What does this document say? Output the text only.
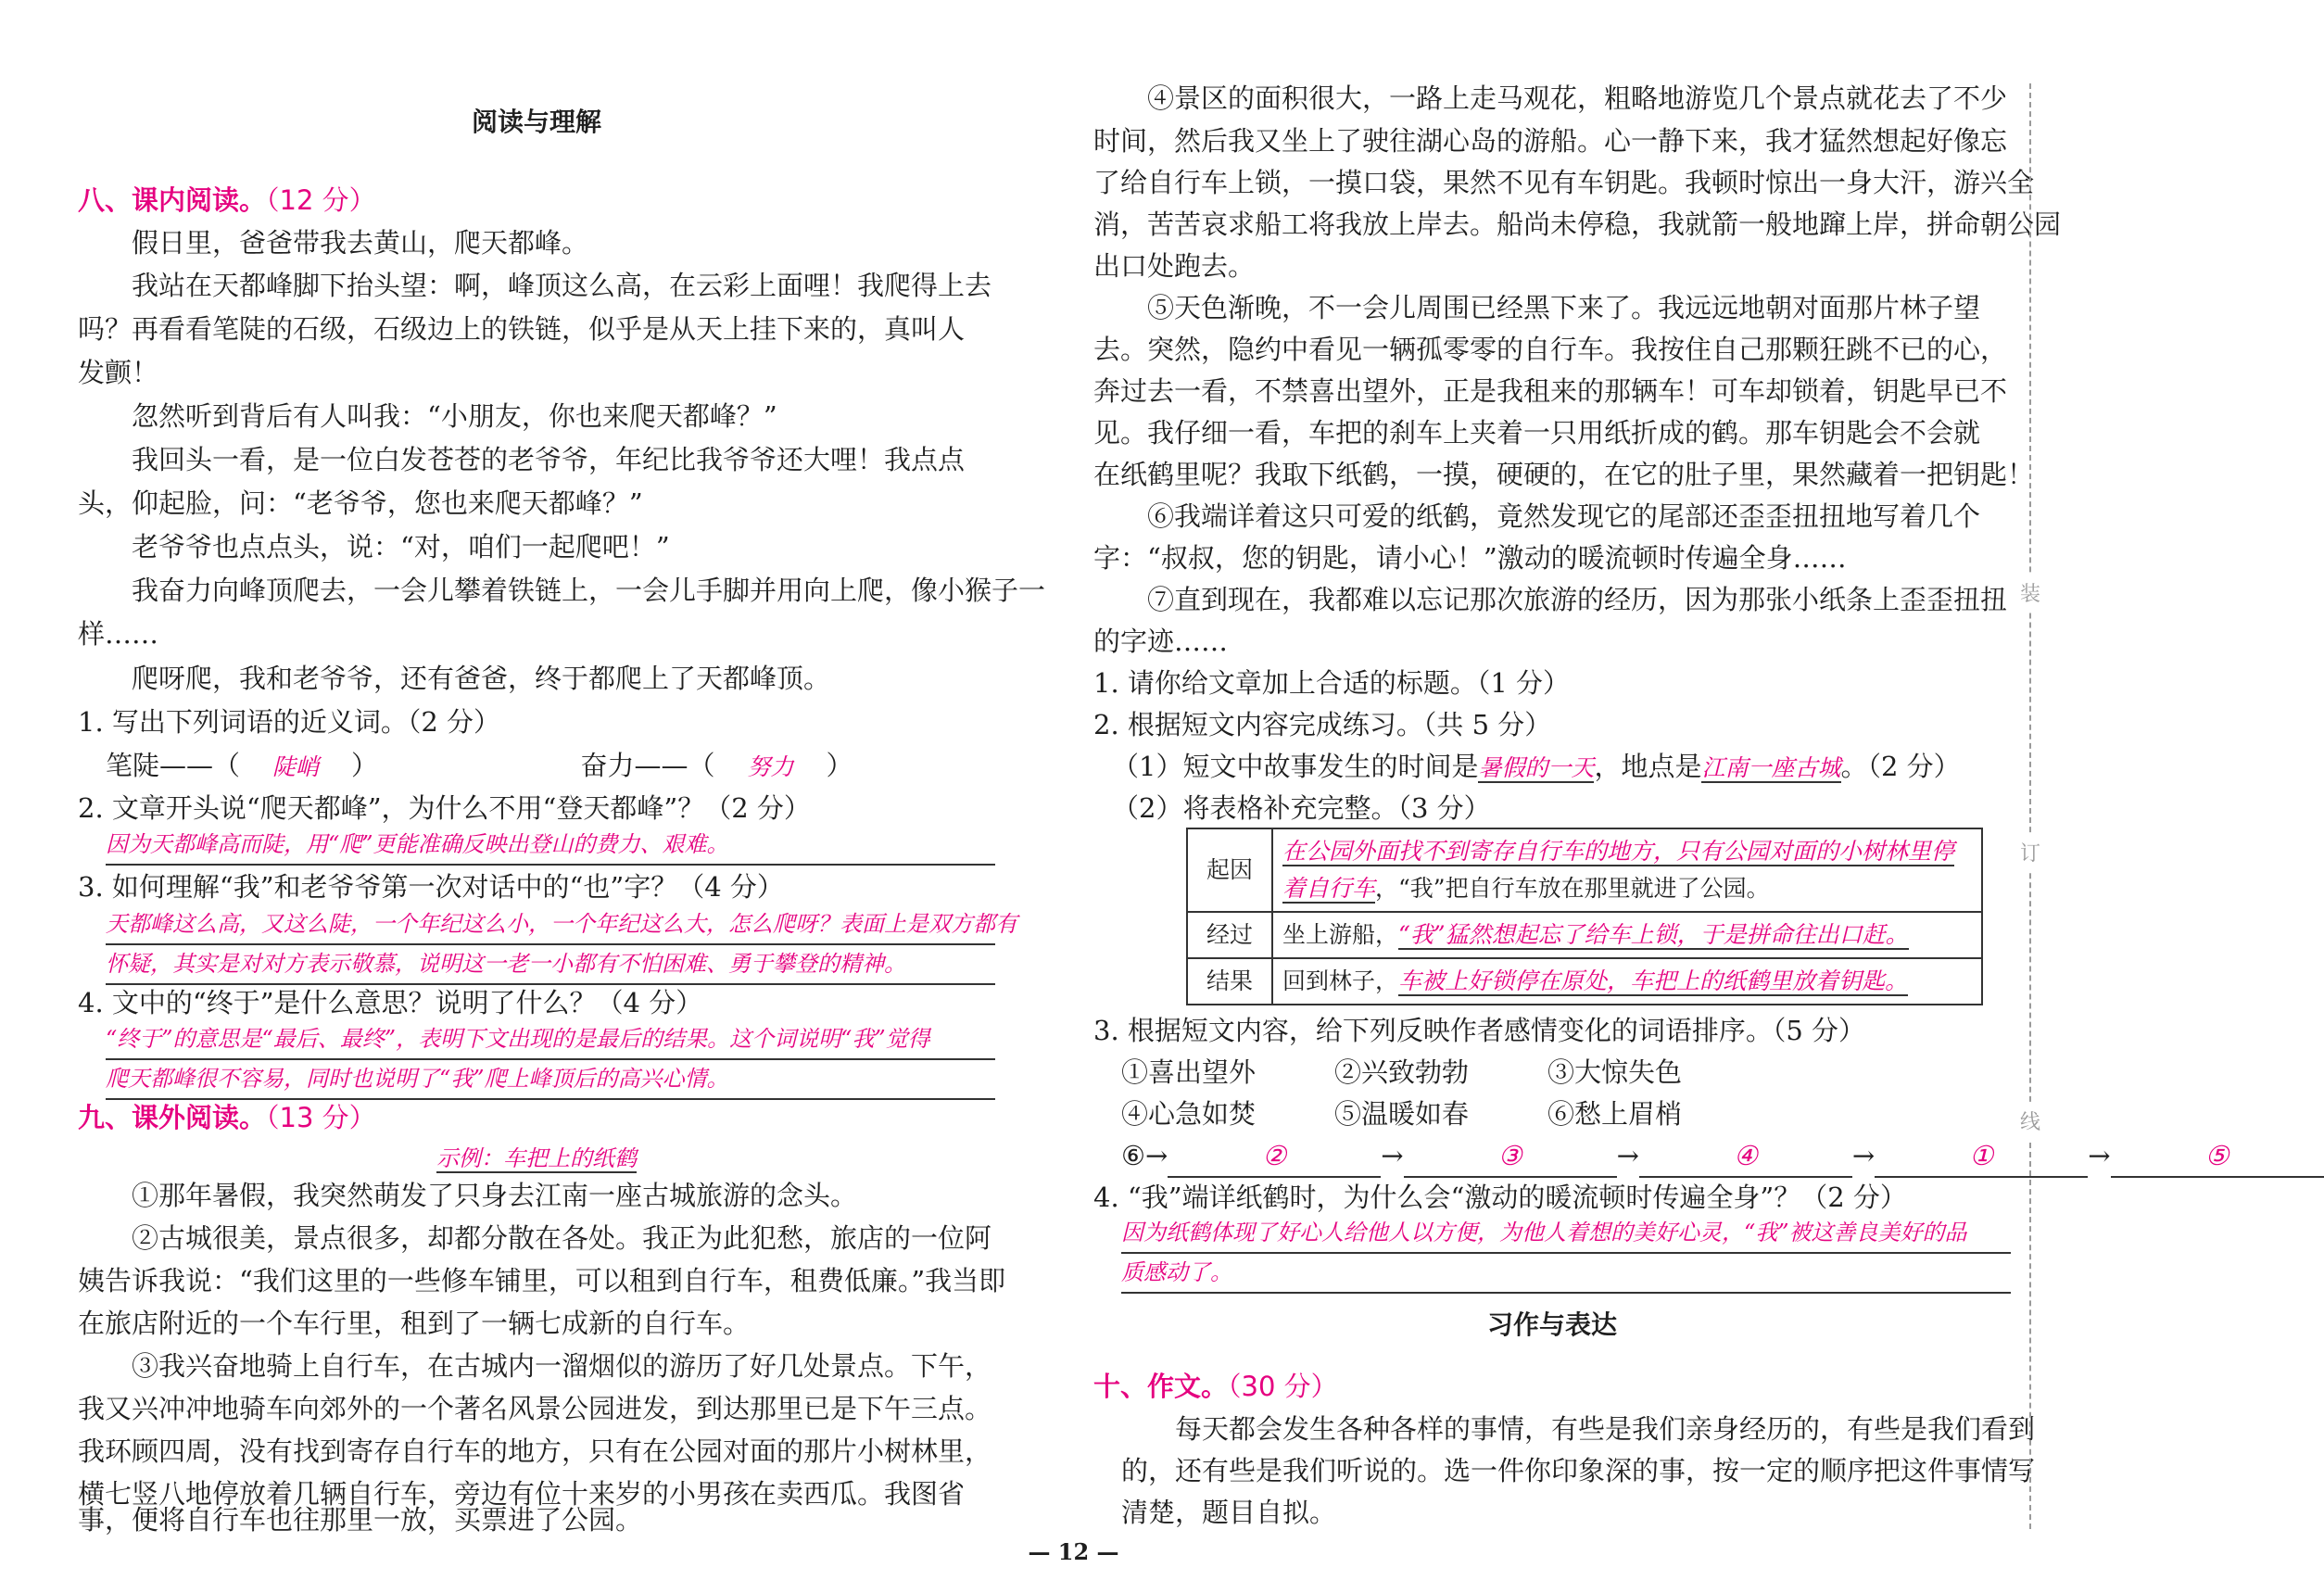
阅读与理解
八、课内阅读。（12 分）
假日里，爸爸带我去黄山，爬天都峰。
我站在天都峰脚下抬头望：啊，峰顶这么高，在云彩上面哩！我爬得上去
吗？再看看笔陡的石级，石级边上的铁链，似乎是从天上挂下来的，真叫人
发颤！
忽然听到背后有人叫我：“小朋友，你也来爬天都峰？”
我回头一看，是一位白发苍苍的老爷爷，年纪比我爷爷还大哩！我点点
头，仰起脸，问：“老爷爷，您也来爬天都峰？”
老爷爷也点点头，说：“对，咱们一起爬吧！”
我奋力向峰顶爬去，一会儿攀着铁链上，一会儿手脚并用向上爬，像小猴子一
样……
爬呀爬，我和老爷爷，还有爸爸，终于都爬上了天都峰顶。
1. 写出下列词语的近义词。（2 分）
笔陡——（ 陡峭 ）	奋力——（ 努力 ）
2. 文章开头说“爬天都峰”，为什么不用“登天都峰”？（2 分）
因为天都峰高而陡，用“爬”更能准确反映出登山的费力、艰难。
3. 如何理解“我”和老爷爷第一次对话中的“也”字？（4 分）
天都峰这么高，又这么陡，一个年纪这么小，一个年纪这么大，怎么爬呀？表面上是双方都有
怀疑，其实是对对方表示敬慕，说明这一老一小都有不怕困难、勇于攀登的精神。
4. 文中的“终于”是什么意思？说明了什么？（4 分）
“终于”的意思是“最后、最终”，表明下文出现的是最后的结果。这个词说明“我”觉得
爬天都峰很不容易，同时也说明了“我”爬上峰顶后的高兴心情。
九、课外阅读。（13 分）
示例：车把上的纸鹤
①那年暑假，我突然萌发了只身去江南一座古城旅游的念头。
②古城很美，景点很多，却都分散在各处。我正为此犯愁，旅店的一位阿
姨告诉我说：“我们这里的一些修车铺里，可以租到自行车，租费低廉。”我当即
在旅店附近的一个车行里，租到了一辆七成新的自行车。
③我兴奋地骑上自行车，在古城内一溜烟似的游历了好几处景点。下午，
我又兴冲冲地骑车向郊外的一个著名风景公园进发，到达那里已是下午三点。
我环顾四周，没有找到寄存自行车的地方，只有在公园对面的那片小树林里，
横七竖八地停放着几辆自行车，旁边有位十来岁的小男孩在卖西瓜。我图省
事，便将自行车也往那里一放，买票进了公园。
④景区的面积很大，一路上走马观花，粗略地游览几个景点就花去了不少
时间，然后我又坐上了驶往湖心岛的游船。心一静下来，我才猛然想起好像忘
了给自行车上锁，一摸口袋，果然不见有车钥匙。我顿时惊出一身大汗，游兴全
消，苦苦哀求船工将我放上岸去。船尚未停稳，我就箭一般地蹿上岸，拼命朝公园
出口处跑去。
⑤天色渐晚，不一会儿周围已经黑下来了。我远远地朝对面那片林子望
去。突然，隐约中看见一辆孤零零的自行车。我按住自己那颗狂跳不已的心，
奔过去一看，不禁喜出望外，正是我租来的那辆车！可车却锁着，钥匙早已不
见。我仔细一看，车把的刹车上夹着一只用纸折成的鹤。那车钥匙会不会就
在纸鹤里呢？我取下纸鹤，一摸，硬硬的，在它的肚子里，果然藏着一把钥匙！
⑥我端详着这只可爱的纸鹤，竟然发现它的尾部还歪歪扭扭地写着几个
字：“叔叔，您的钥匙，请小心！”激动的暖流顿时传遍全身……
⑦直到现在，我都难以忘记那次旅游的经历，因为那张小纸条上歪歪扭扭
的字迹……
1. 请你给文章加上合适的标题。（1 分）
2. 根据短文内容完成练习。（共 5 分）
（1）短文中故事发生的时间是暑假的一天，地点是江南一座古城。（2 分）
（2）将表格补充完整。（3 分）
起因	在公园外面找不到寄存自行车的地方，只有公园对面的小树林里停
着自行车，“我”把自行车放在那里就进了公园。
经过	坐上游船，“我”猛然想起忘了给车上锁，于是拼命往出口赶。
结果	回到林子，车被上好锁停在原处，车把上的纸鹤里放着钥匙。
3. 根据短文内容，给下列反映作者感情变化的词语排序。（5 分）
①喜出望外	②兴致勃勃	③大惊失色
④心急如焚	⑤温暖如春	⑥愁上眉梢
⑥→	②	→	③	→	④	→	①	→	⑤
4. “我”端详纸鹤时，为什么会“激动的暖流顿时传遍全身”？（2 分）
因为纸鹤体现了好心人给他人以方便，为他人着想的美好心灵，“我”被这善良美好的品
质感动了。
习作与表达
十、作文。（30 分）
每天都会发生各种各样的事情，有些是我们亲身经历的，有些是我们看到
的，还有些是我们听说的。选一件你印象深的事，按一定的顺序把这件事情写
清楚，题目自拟。
— 12 —
装
订
线
